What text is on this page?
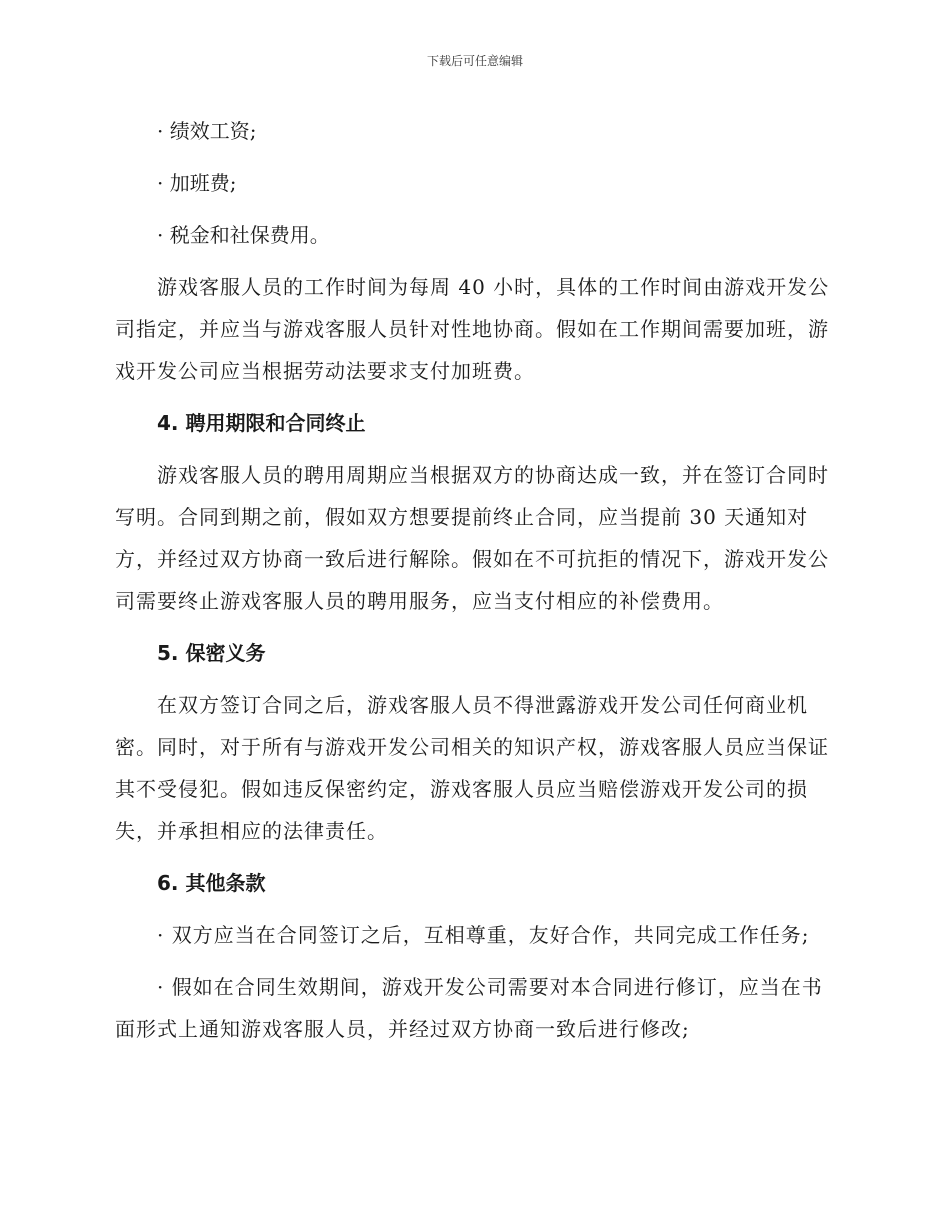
下载后可任意编辑
· 绩效工资;
· 加班费;
· 税金和社保费用。

游戏客服人员的工作时间为每周 40 小时，具体的工作时间由游戏开发公司指定，并应当与游戏客服人员针对性地协商。假如在工作期间需要加班，游戏开发公司应当根据劳动法要求支付加班费。

4. 聘用期限和合同终止

游戏客服人员的聘用周期应当根据双方的协商达成一致，并在签订合同时写明。合同到期之前，假如双方想要提前终止合同，应当提前 30 天通知对方，并经过双方协商一致后进行解除。假如在不可抗拒的情况下，游戏开发公司需要终止游戏客服人员的聘用服务，应当支付相应的补偿费用。

5. 保密义务

在双方签订合同之后，游戏客服人员不得泄露游戏开发公司任何商业机密。同时，对于所有与游戏开发公司相关的知识产权，游戏客服人员应当保证其不受侵犯。假如违反保密约定，游戏客服人员应当赔偿游戏开发公司的损失，并承担相应的法律责任。

6. 其他条款

· 双方应当在合同签订之后，互相尊重，友好合作，共同完成工作任务;

· 假如在合同生效期间，游戏开发公司需要对本合同进行修订，应当在书面形式上通知游戏客服人员，并经过双方协商一致后进行修改;
